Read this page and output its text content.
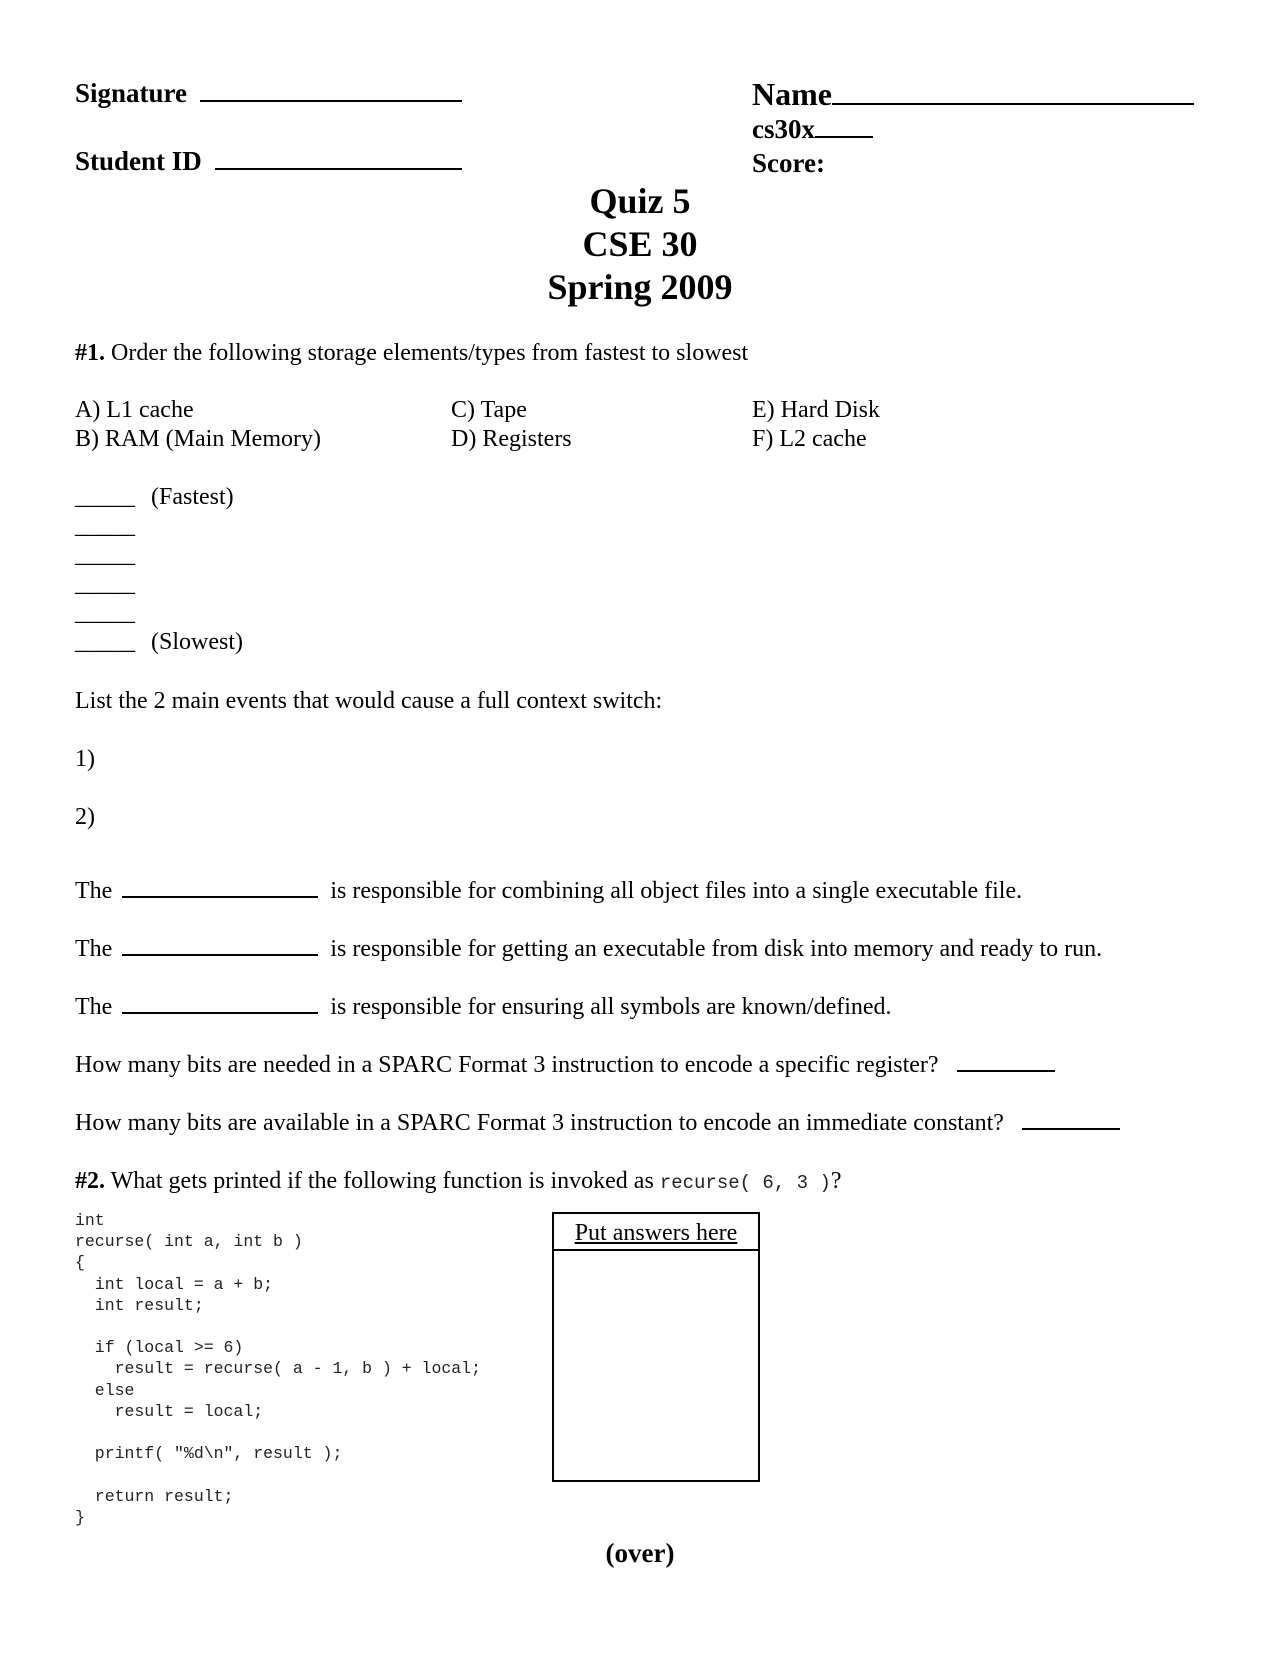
Signature
Student ID
Name
cs30x
Score:
Quiz 5
CSE 30
Spring 2009
#1. Order the following storage elements/types from fastest to slowest
A) L1 cache
B) RAM (Main Memory)
C) Tape
D) Registers
E) Hard Disk
F) L2 cache
_____ (Fastest)
_____
_____
_____
_____
_____ (Slowest)
List the 2 main events that would cause a full context switch:
1)
2)
The	is responsible for combining all object files into a single executable file.
The	is responsible for getting an executable from disk into memory and ready to run.
The	is responsible for ensuring all symbols are known/defined.
How many bits are needed in a SPARC Format 3 instruction to encode a specific register?
How many bits are available in a SPARC Format 3 instruction to encode an immediate constant?
#2. What gets printed if the following function is invoked as recurse( 6, 3 )?
int
recurse( int a, int b )
{
int local = a + b;
int result;

if (local >= 6)
result = recurse( a - 1, b ) + local;
else
result = local;

printf( "%d\n", result );

return result;
}
Put answers here
(over)
